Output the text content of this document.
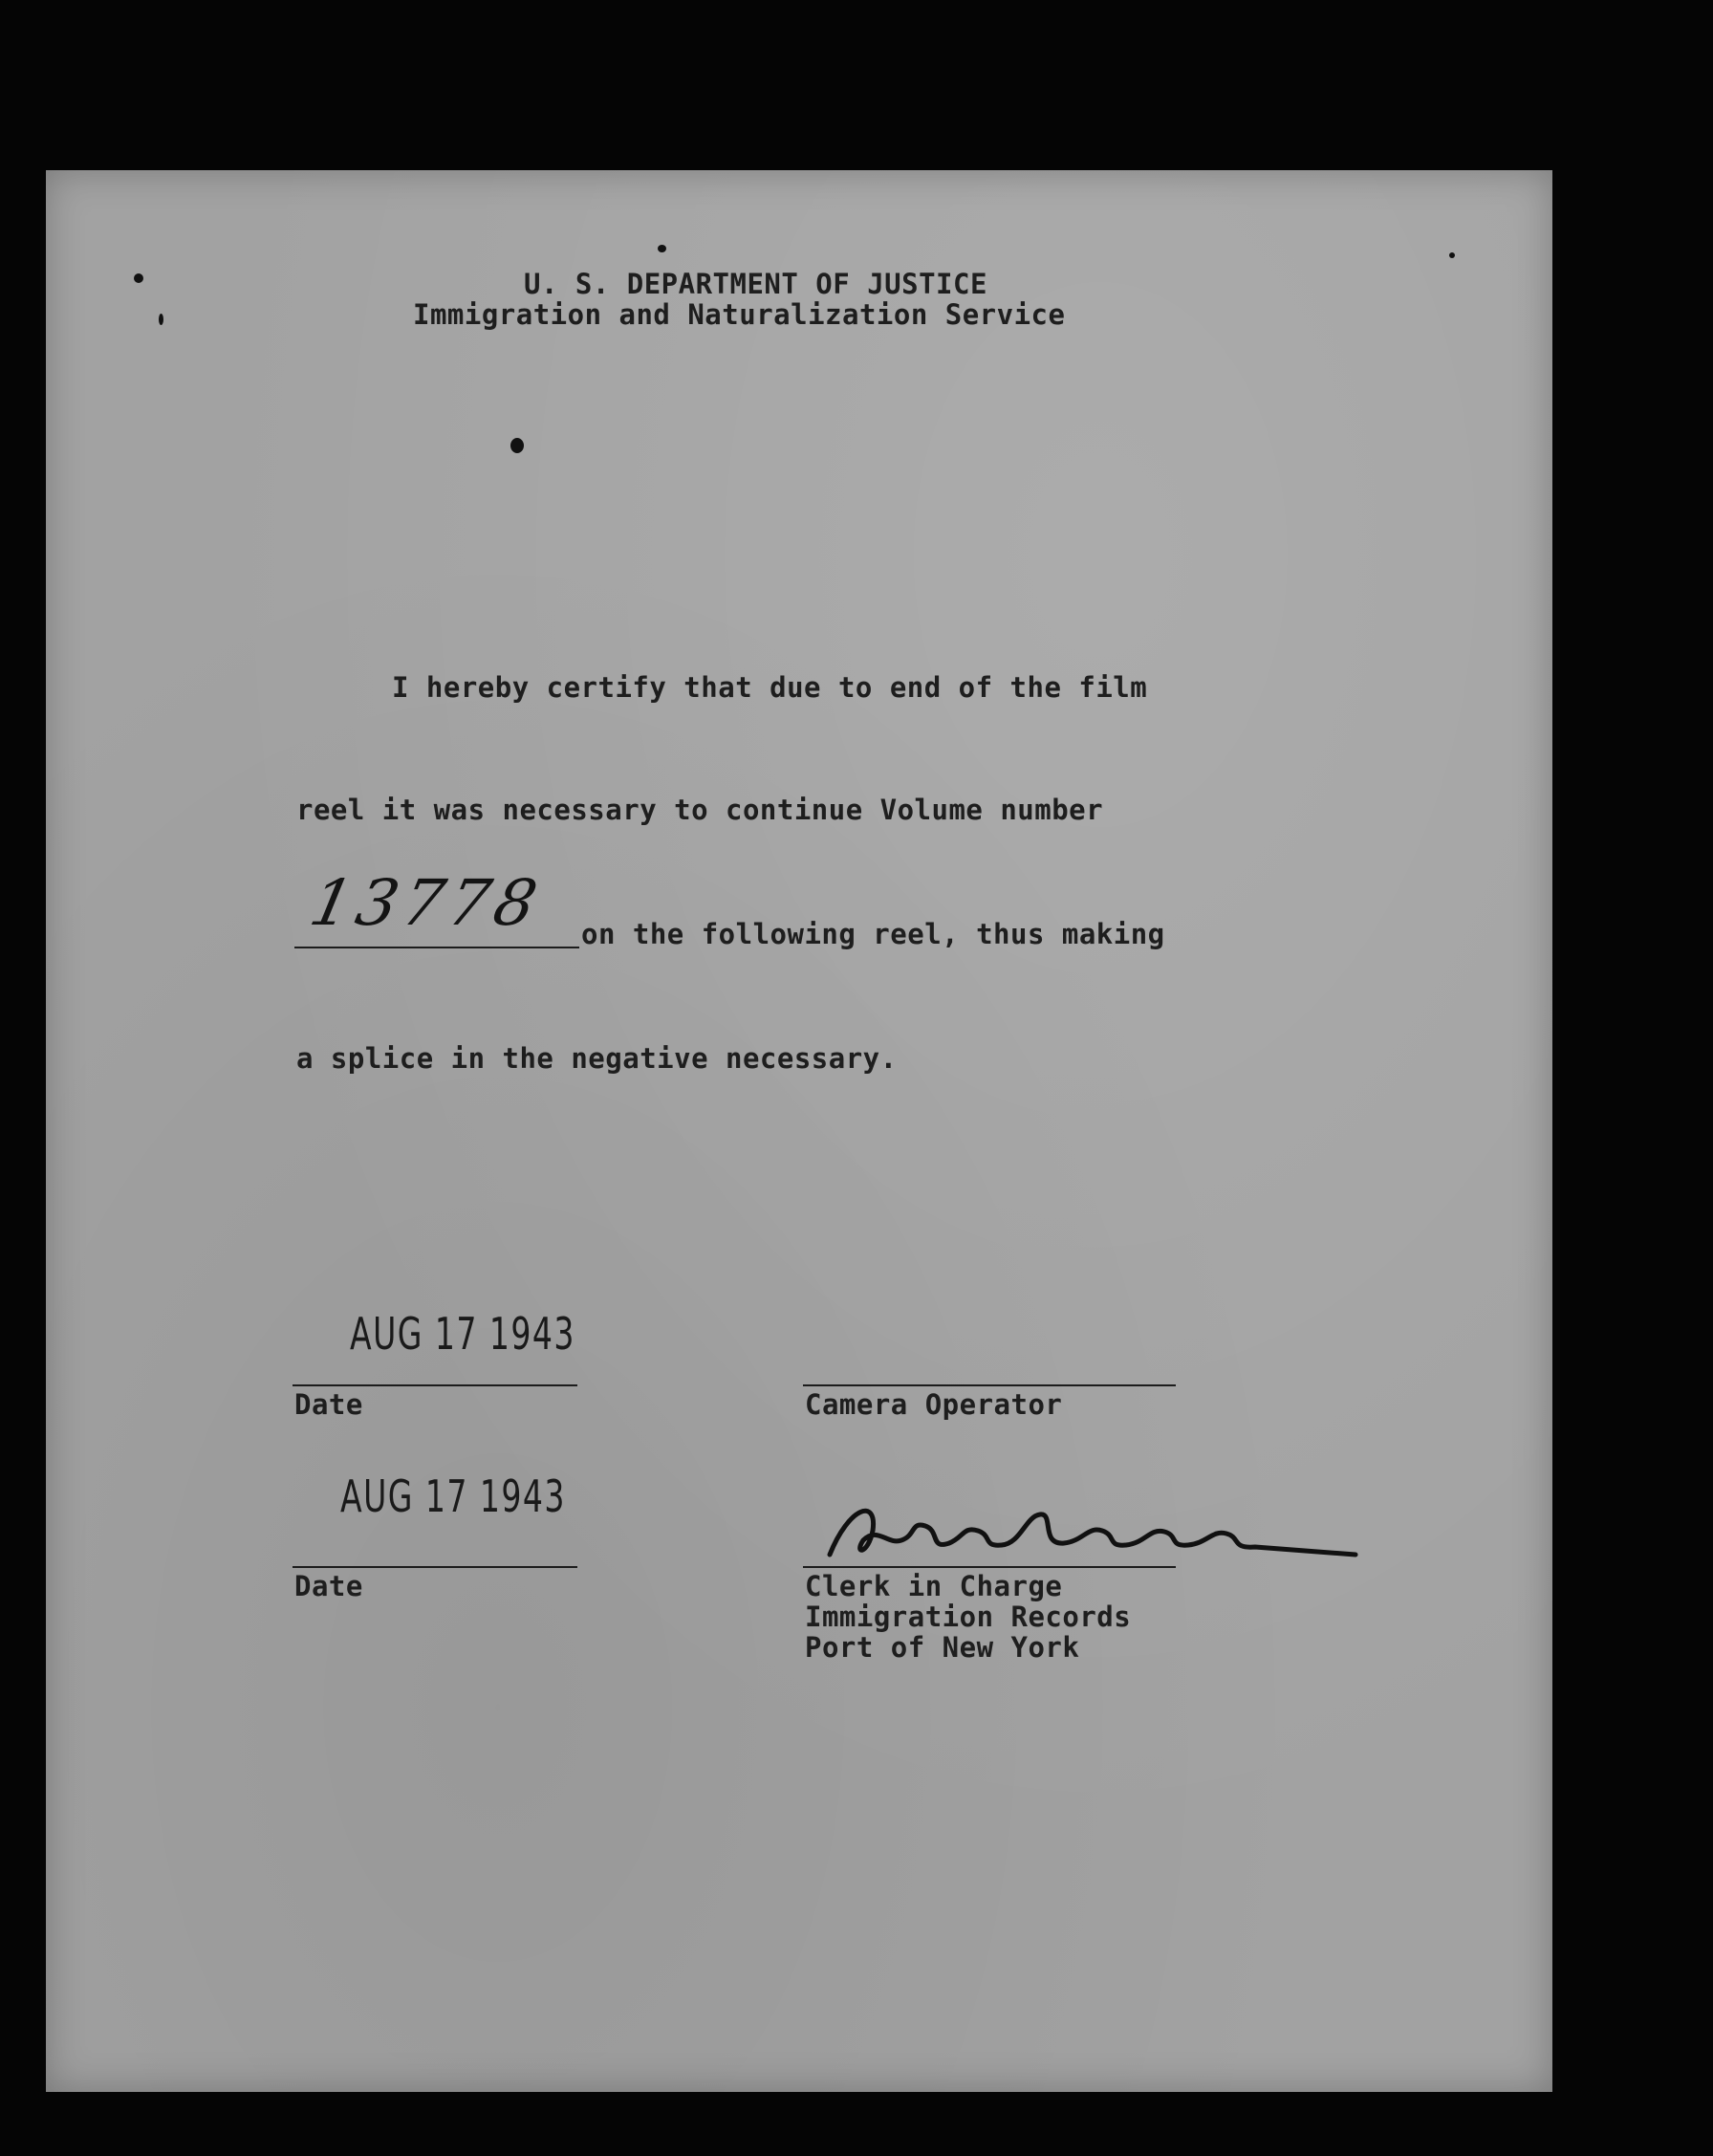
U. S. DEPARTMENT OF JUSTICE
Immigration and Naturalization Service
I hereby certify that due to end of the film
reel it was necessary to continue Volume number
13778 on the following reel, thus making
a splice in the negative necessary.
AUG 17 1943
Date	Camera Operator
AUG 17 1943
Date	Clerk in Charge
Immigration Records
Port of New York
